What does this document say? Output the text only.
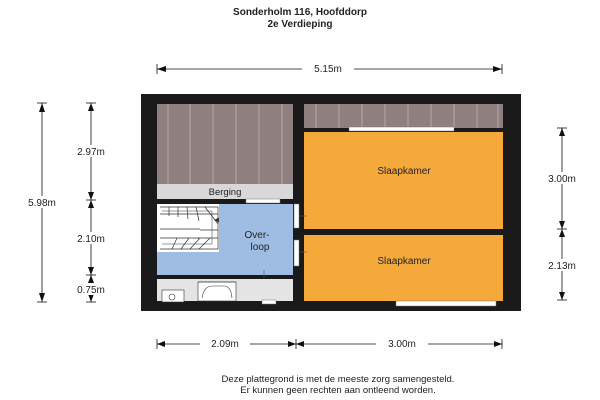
Sonderholm 116, Hoofddorp
2e Verdieping
5.15m
5.98m
2.97m
2.10m
0.75m
3.00m
2.13m
2.09m	3.00m
Berging
Over-
loop
Slaapkamer
Slaapkamer
Deze plattegrond is met de meeste zorg samengesteld.
Er kunnen geen rechten aan ontleend worden.
